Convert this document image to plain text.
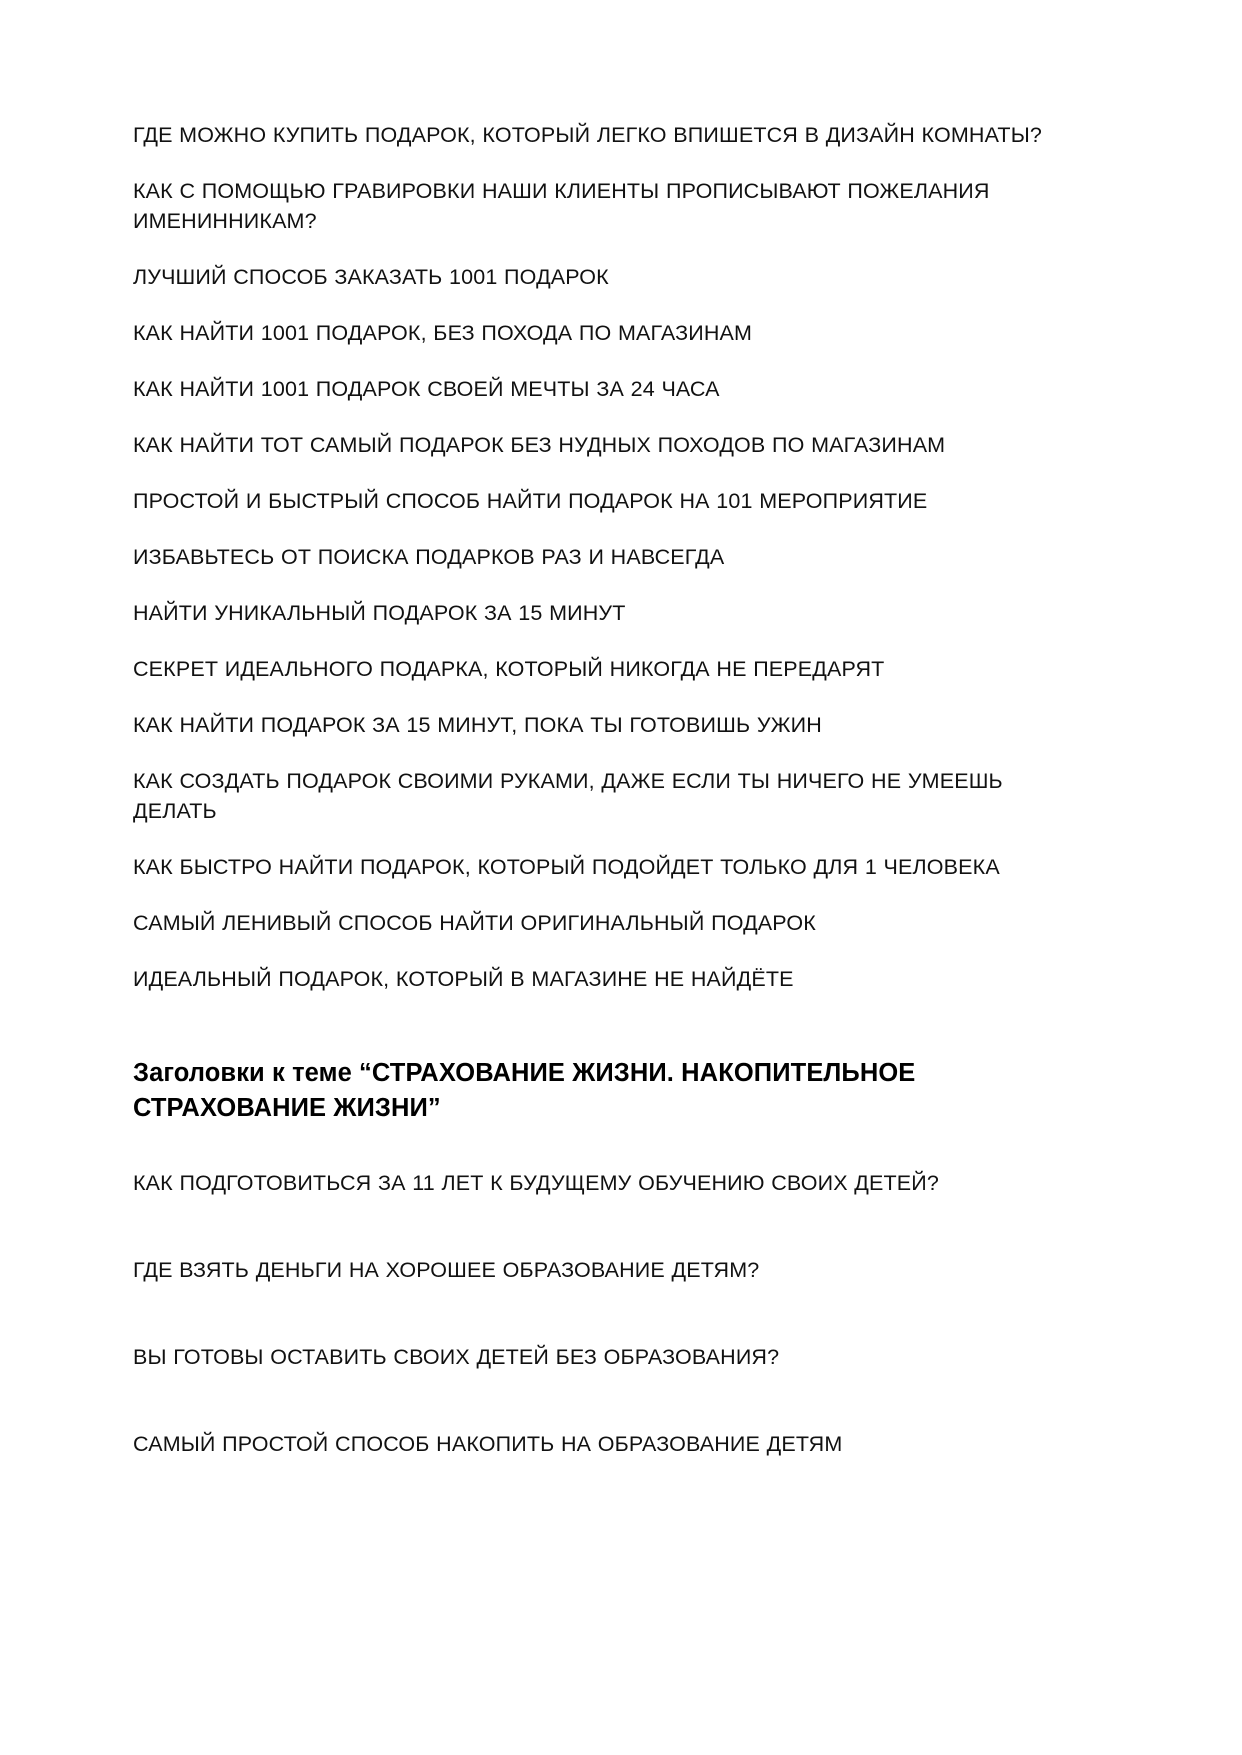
ГДЕ МОЖНО КУПИТЬ ПОДАРОК, КОТОРЫЙ ЛЕГКО ВПИШЕТСЯ В ДИЗАЙН КОМНАТЫ?

КАК С ПОМОЩЬЮ ГРАВИРОВКИ НАШИ КЛИЕНТЫ ПРОПИСЫВАЮТ ПОЖЕЛАНИЯ ИМЕНИННИКАМ?

ЛУЧШИЙ СПОСОБ ЗАКАЗАТЬ 1001 ПОДАРОК

КАК НАЙТИ 1001 ПОДАРОК, БЕЗ ПОХОДА ПО МАГАЗИНАМ

КАК НАЙТИ 1001 ПОДАРОК СВОЕЙ МЕЧТЫ ЗА 24 ЧАСА

КАК НАЙТИ ТОТ САМЫЙ ПОДАРОК БЕЗ НУДНЫХ ПОХОДОВ ПО МАГАЗИНАМ

ПРОСТОЙ И БЫСТРЫЙ СПОСОБ НАЙТИ ПОДАРОК НА 101 МЕРОПРИЯТИЕ

ИЗБАВЬТЕСЬ ОТ ПОИСКА ПОДАРКОВ РАЗ И НАВСЕГДА

НАЙТИ УНИКАЛЬНЫЙ ПОДАРОК ЗА 15 МИНУТ

СЕКРЕТ ИДЕАЛЬНОГО ПОДАРКА, КОТОРЫЙ НИКОГДА НЕ ПЕРЕДАРЯТ

КАК НАЙТИ ПОДАРОК ЗА 15 МИНУТ, ПОКА ТЫ ГОТОВИШЬ УЖИН

КАК СОЗДАТЬ ПОДАРОК СВОИМИ РУКАМИ, ДАЖЕ ЕСЛИ ТЫ НИЧЕГО НЕ УМЕЕШЬ ДЕЛАТЬ

КАК БЫСТРО НАЙТИ ПОДАРОК, КОТОРЫЙ ПОДОЙДЕТ ТОЛЬКО ДЛЯ 1 ЧЕЛОВЕКА

САМЫЙ ЛЕНИВЫЙ СПОСОБ НАЙТИ ОРИГИНАЛЬНЫЙ ПОДАРОК

ИДЕАЛЬНЫЙ ПОДАРОК, КОТОРЫЙ В МАГАЗИНЕ НЕ НАЙДЁТЕ

Заголовки к теме “СТРАХОВАНИЕ ЖИЗНИ. НАКОПИТЕЛЬНОЕ СТРАХОВАНИЕ ЖИЗНИ”

КАК ПОДГОТОВИТЬСЯ ЗА 11 ЛЕТ К БУДУЩЕМУ ОБУЧЕНИЮ СВОИХ ДЕТЕЙ?

ГДЕ ВЗЯТЬ ДЕНЬГИ НА ХОРОШЕЕ ОБРАЗОВАНИЕ ДЕТЯМ?

ВЫ ГОТОВЫ ОСТАВИТЬ СВОИХ ДЕТЕЙ БЕЗ ОБРАЗОВАНИЯ?

САМЫЙ ПРОСТОЙ СПОСОБ НАКОПИТЬ НА ОБРАЗОВАНИЕ ДЕТЯМ
